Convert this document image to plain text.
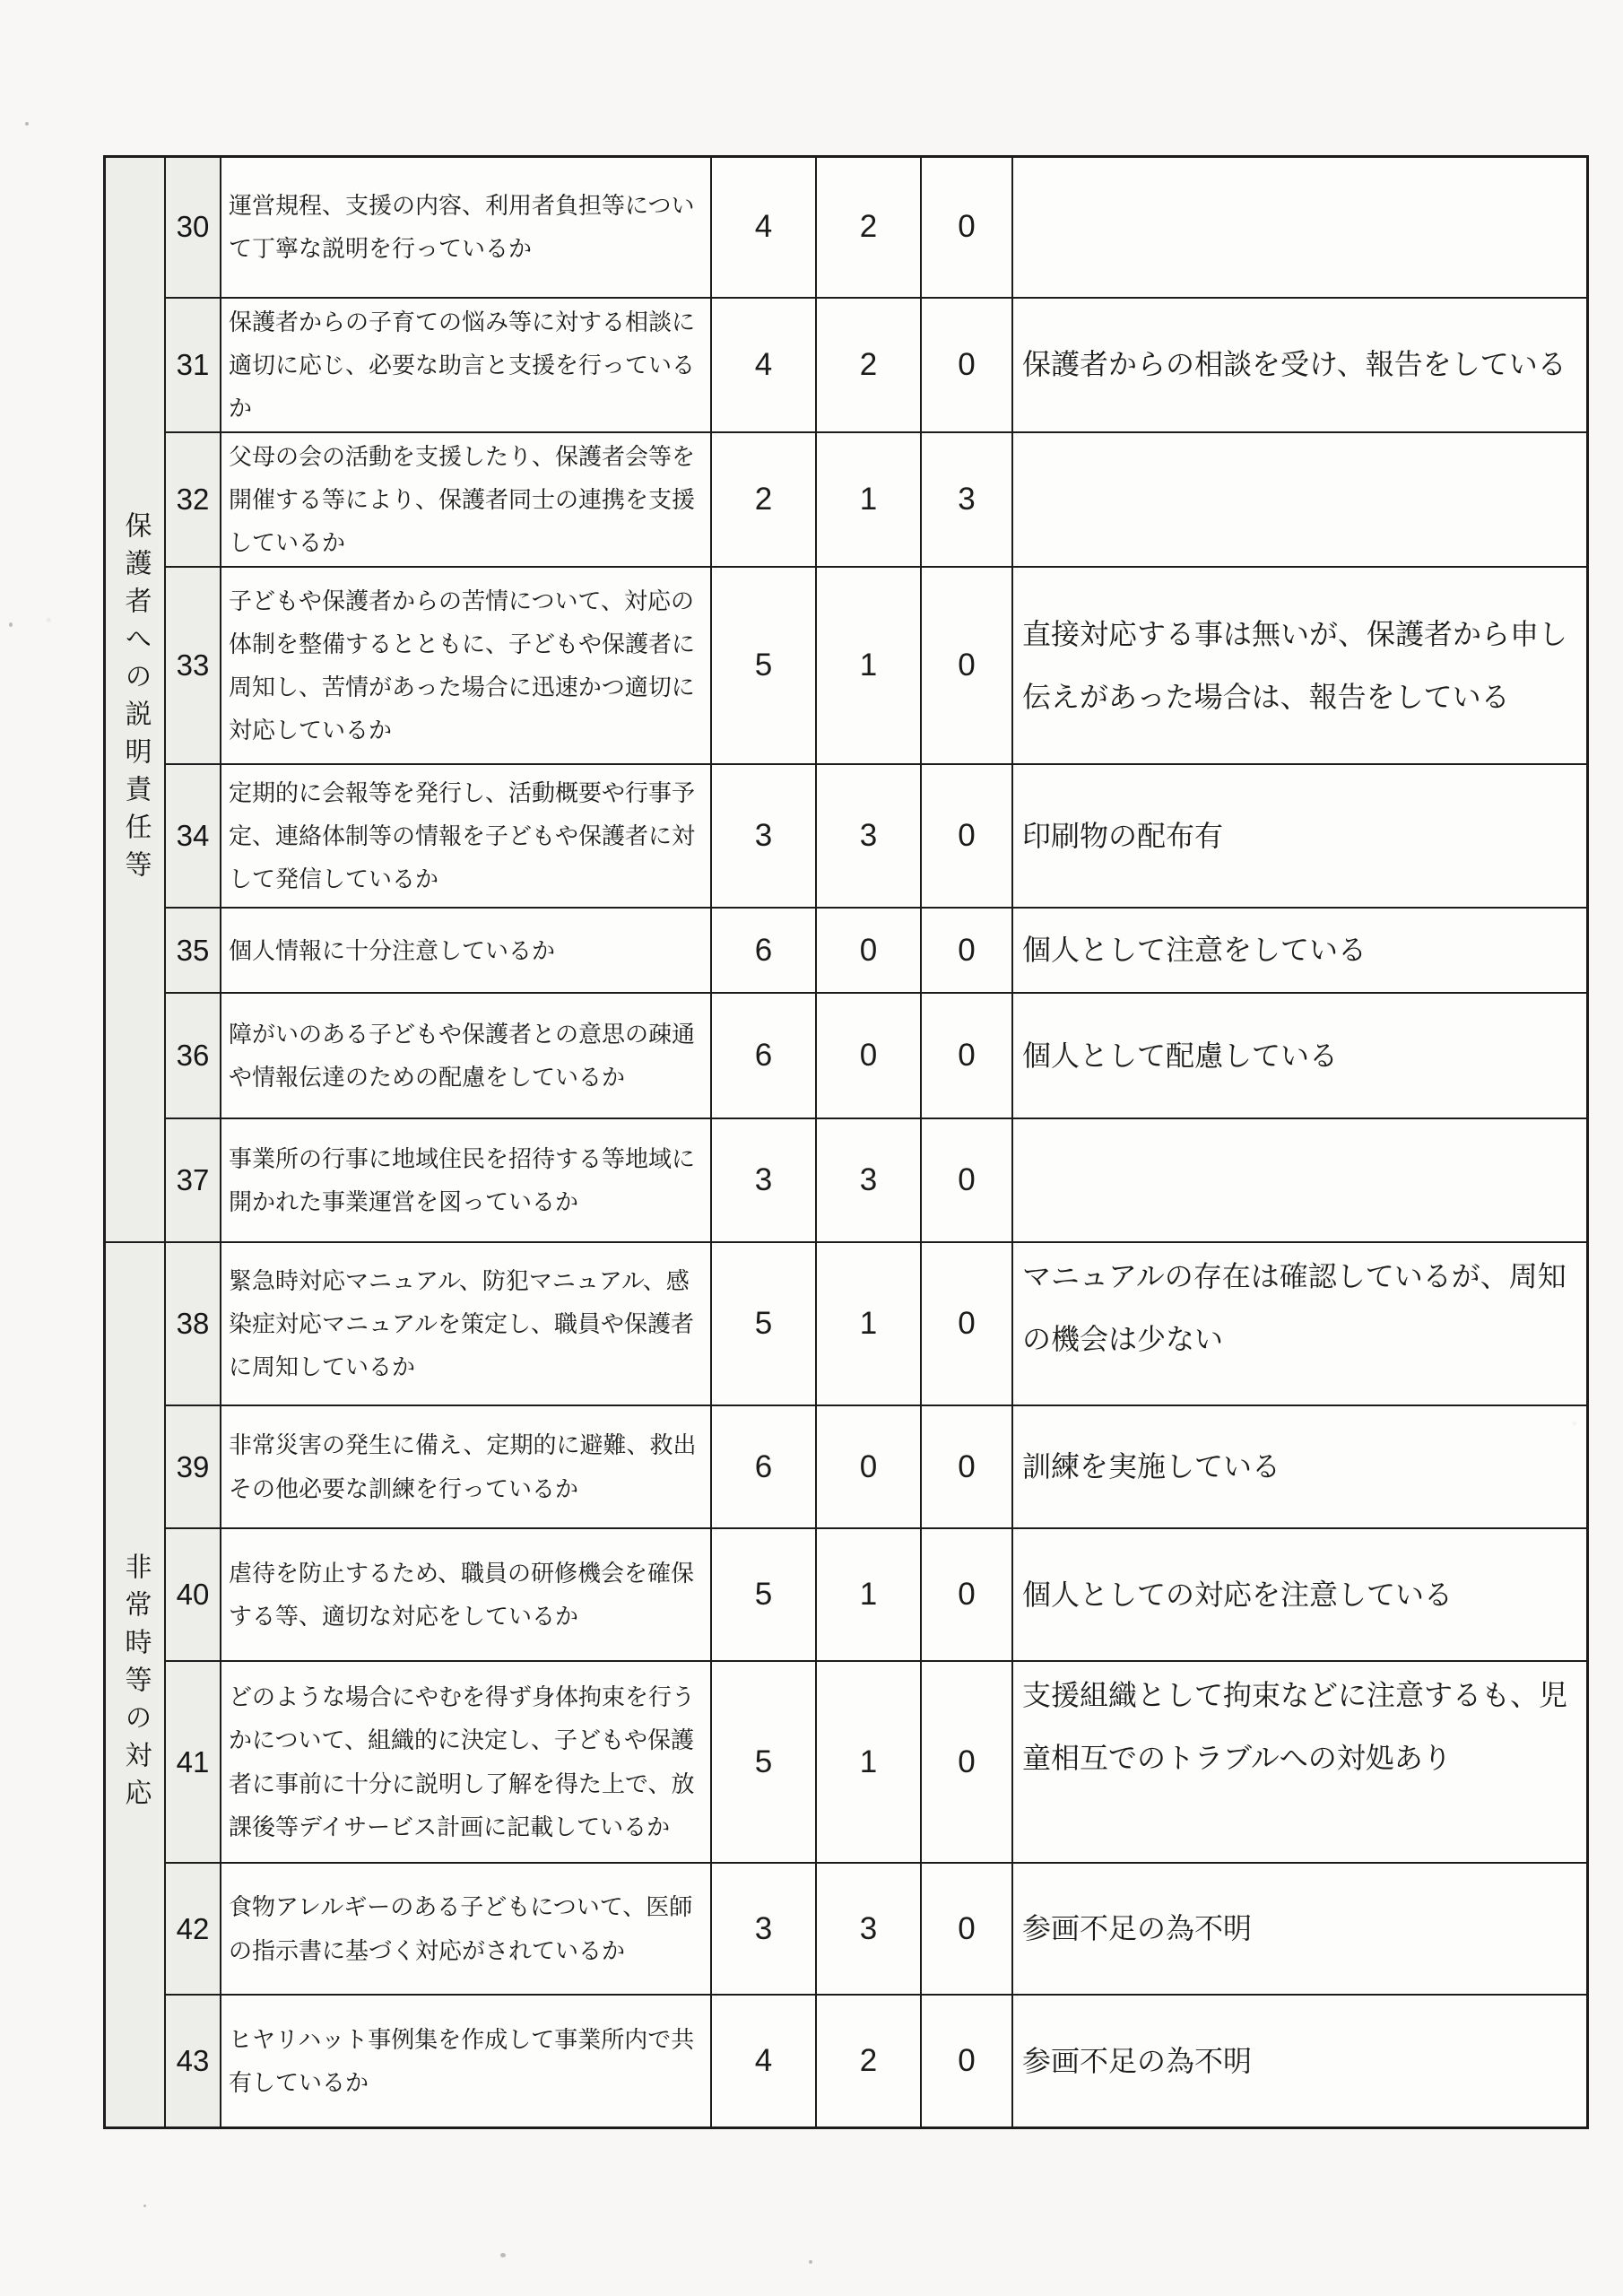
保護者への説明責任等	30	運営規程、支援の内容、利用者負担等について丁寧な説明を行っているか	4	2	0	
	31	保護者からの子育ての悩み等に対する相談に適切に応じ、必要な助言と支援を行っているか	4	2	0	保護者からの相談を受け、報告をしている
	32	父母の会の活動を支援したり、保護者会等を開催する等により、保護者同士の連携を支援しているか	2	1	3	
	33	子どもや保護者からの苦情について、対応の体制を整備するとともに、子どもや保護者に周知し、苦情があった場合に迅速かつ適切に対応しているか	5	1	0	直接対応する事は無いが、保護者から申し伝えがあった場合は、報告をしている
	34	定期的に会報等を発行し、活動概要や行事予定、連絡体制等の情報を子どもや保護者に対して発信しているか	3	3	0	印刷物の配布有
	35	個人情報に十分注意しているか	6	0	0	個人として注意をしている
	36	障がいのある子どもや保護者との意思の疎通や情報伝達のための配慮をしているか	6	0	0	個人として配慮している
	37	事業所の行事に地域住民を招待する等地域に開かれた事業運営を図っているか	3	3	0	

非常時等の対応	38	緊急時対応マニュアル、防犯マニュアル、感染症対応マニュアルを策定し、職員や保護者に周知しているか	5	1	0	マニュアルの存在は確認しているが、周知の機会は少ない
	39	非常災害の発生に備え、定期的に避難、救出その他必要な訓練を行っているか	6	0	0	訓練を実施している
	40	虐待を防止するため、職員の研修機会を確保する等、適切な対応をしているか	5	1	0	個人としての対応を注意している
	41	どのような場合にやむを得ず身体拘束を行うかについて、組織的に決定し、子どもや保護者に事前に十分に説明し了解を得た上で、放課後等デイサービス計画に記載しているか	5	1	0	支援組織として拘束などに注意するも、児童相互でのトラブルへの対処あり
	42	食物アレルギーのある子どもについて、医師の指示書に基づく対応がされているか	3	3	0	参画不足の為不明
	43	ヒヤリハット事例集を作成して事業所内で共有しているか	4	2	0	参画不足の為不明
